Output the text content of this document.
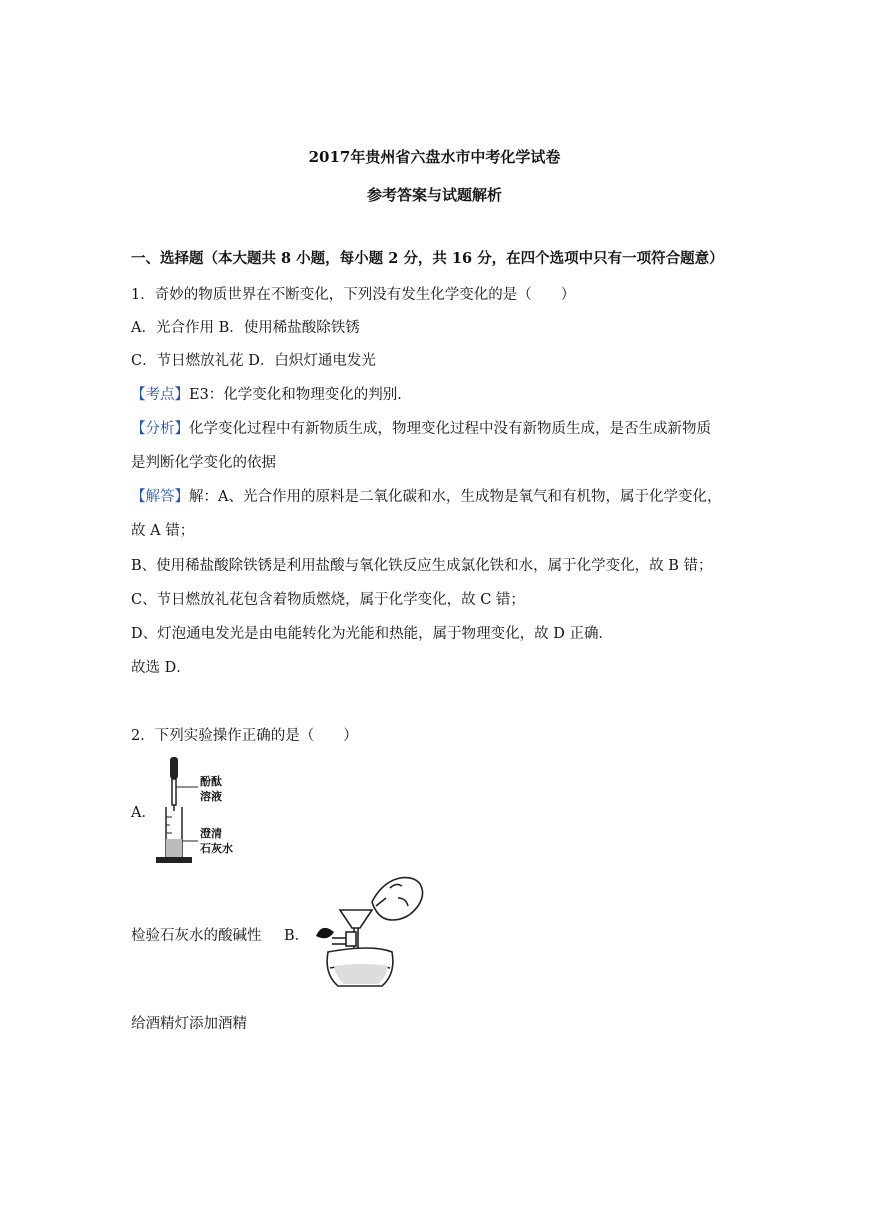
2017年贵州省六盘水市中考化学试卷
参考答案与试题解析
一、选择题（本大题共 8 小题，每小题 2 分，共 16 分，在四个选项中只有一项符合题意）
1．奇妙的物质世界在不断变化，下列没有发生化学变化的是（　　）
A．光合作用 B．使用稀盐酸除铁锈
C．节日燃放礼花 D．白炽灯通电发光
【考点】E3：化学变化和物理变化的判别．
【分析】化学变化过程中有新物质生成，物理变化过程中没有新物质生成，是否生成新物质
是判断化学变化的依据
【解答】解：A、光合作用的原料是二氧化碳和水，生成物是氧气和有机物，属于化学变化，
故 A 错；
B、使用稀盐酸除铁锈是利用盐酸与氧化铁反应生成氯化铁和水，属于化学变化，故 B 错；
C、节日燃放礼花包含着物质燃烧，属于化学变化，故 C 错；
D、灯泡通电发光是由电能转化为光能和热能，属于物理变化，故 D 正确．
故选 D．
2．下列实验操作正确的是（　　）
A．
酚酞
溶液
澄清
石灰水
检验石灰水的酸碱性 B．
给酒精灯添加酒精
